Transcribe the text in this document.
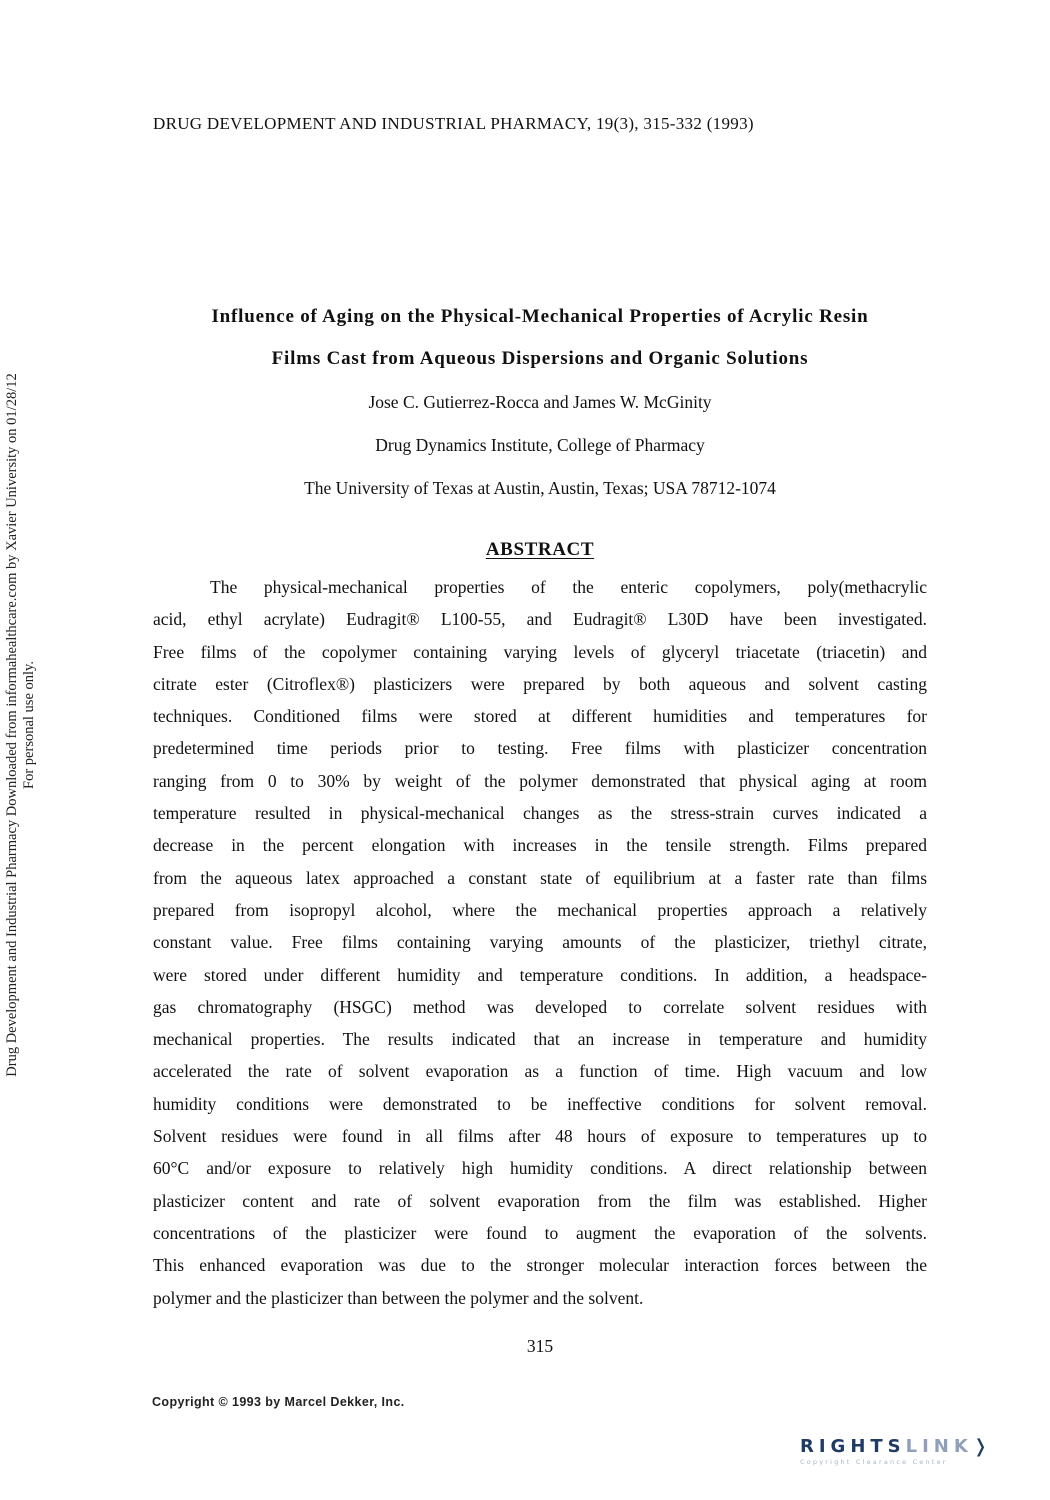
DRUG DEVELOPMENT AND INDUSTRIAL PHARMACY, 19(3), 315-332 (1993)
Drug Development and Industrial Pharmacy Downloaded from informahealthcare.com by Xavier University on 01/28/12 For personal use only.
Influence of Aging on the Physical-Mechanical Properties of Acrylic Resin
Films Cast from Aqueous Dispersions and Organic Solutions
Jose C. Gutierrez-Rocca and James W. McGinity
Drug Dynamics Institute, College of Pharmacy
The University of Texas at Austin, Austin, Texas; USA 78712-1074
ABSTRACT
The physical-mechanical properties of the enteric copolymers, poly(methacrylic
acid, ethyl acrylate) Eudragit® L100-55, and Eudragit® L30D have been investigated.
Free films of the copolymer containing varying levels of glyceryl triacetate (triacetin) and
citrate ester (Citroflex®) plasticizers were prepared by both aqueous and solvent casting
techniques. Conditioned films were stored at different humidities and temperatures for
predetermined time periods prior to testing. Free films with plasticizer concentration
ranging from 0 to 30% by weight of the polymer demonstrated that physical aging at room
temperature resulted in physical-mechanical changes as the stress-strain curves indicated a
decrease in the percent elongation with increases in the tensile strength. Films prepared
from the aqueous latex approached a constant state of equilibrium at a faster rate than films
prepared from isopropyl alcohol, where the mechanical properties approach a relatively
constant value. Free films containing varying amounts of the plasticizer, triethyl citrate,
were stored under different humidity and temperature conditions. In addition, a headspace-
gas chromatography (HSGC) method was developed to correlate solvent residues with
mechanical properties. The results indicated that an increase in temperature and humidity
accelerated the rate of solvent evaporation as a function of time. High vacuum and low
humidity conditions were demonstrated to be ineffective conditions for solvent removal.
Solvent residues were found in all films after 48 hours of exposure to temperatures up to
60°C and/or exposure to relatively high humidity conditions. A direct relationship between
plasticizer content and rate of solvent evaporation from the film was established. Higher
concentrations of the plasticizer were found to augment the evaporation of the solvents.
This enhanced evaporation was due to the stronger molecular interaction forces between the
polymer and the plasticizer than between the polymer and the solvent.
315
Copyright © 1993 by Marcel Dekker, Inc.
RIGHTSLINK❭
Copyright Clearance Center
